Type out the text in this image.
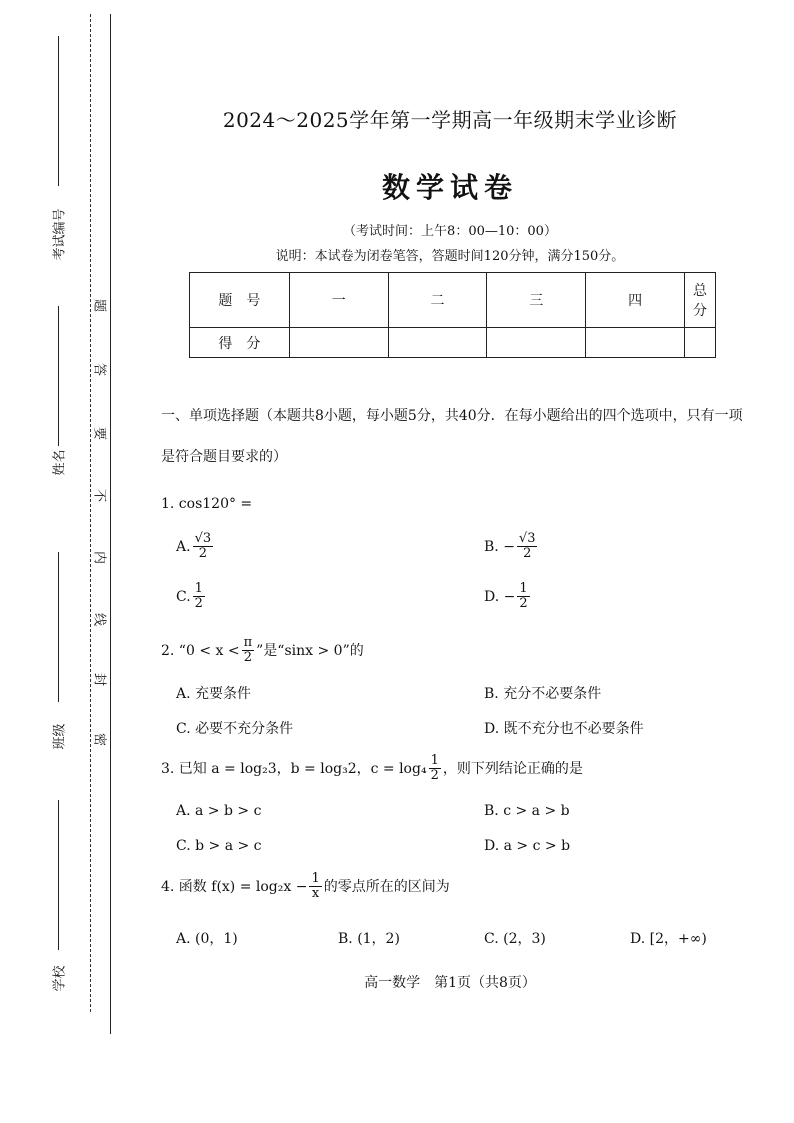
题
答
要
不
内
线
封
密
考试编号
姓名
班级
学校
2024～2025学年第一学期高一年级期末学业诊断
数学试卷
（考试时间：上午8：00—10：00）
说明：本试卷为闭卷笔答，答题时间120分钟，满分150分。
题　号	一	二	三	四	总　分
得　分					
一、单项选择题（本题共8小题，每小题5分，共40分．在每小题给出的四个选项中，只有一项
是符合题目要求的）
1. cos120° =
A. $\frac{√3}{2}$	B. − $\frac{√3}{2}$
C. $\frac{1}{2}$	D. − $\frac{1}{2}$
2. “$0 < x < \frac{\pi}{2}$ ”是“sinx > 0”的
A. 充要条件	B. 充分不必要条件
C. 必要不充分条件	D. 既不充分也不必要条件
3. 已知 a = log₂3，b = log₃2，$c = \log_4 \frac{1}{2}$ ，则下列结论正确的是
A. a > b > c	B. c > a > b
C. b > a > c	D. a > c > b
4. 函数 $f(x) = \log_2x - \frac{1}{x}$ 的零点所在的区间为
A. (0，1)	B. (1，2)	C. (2，3)	D. [2，+∞)
高一数学　第1页（共8页）
